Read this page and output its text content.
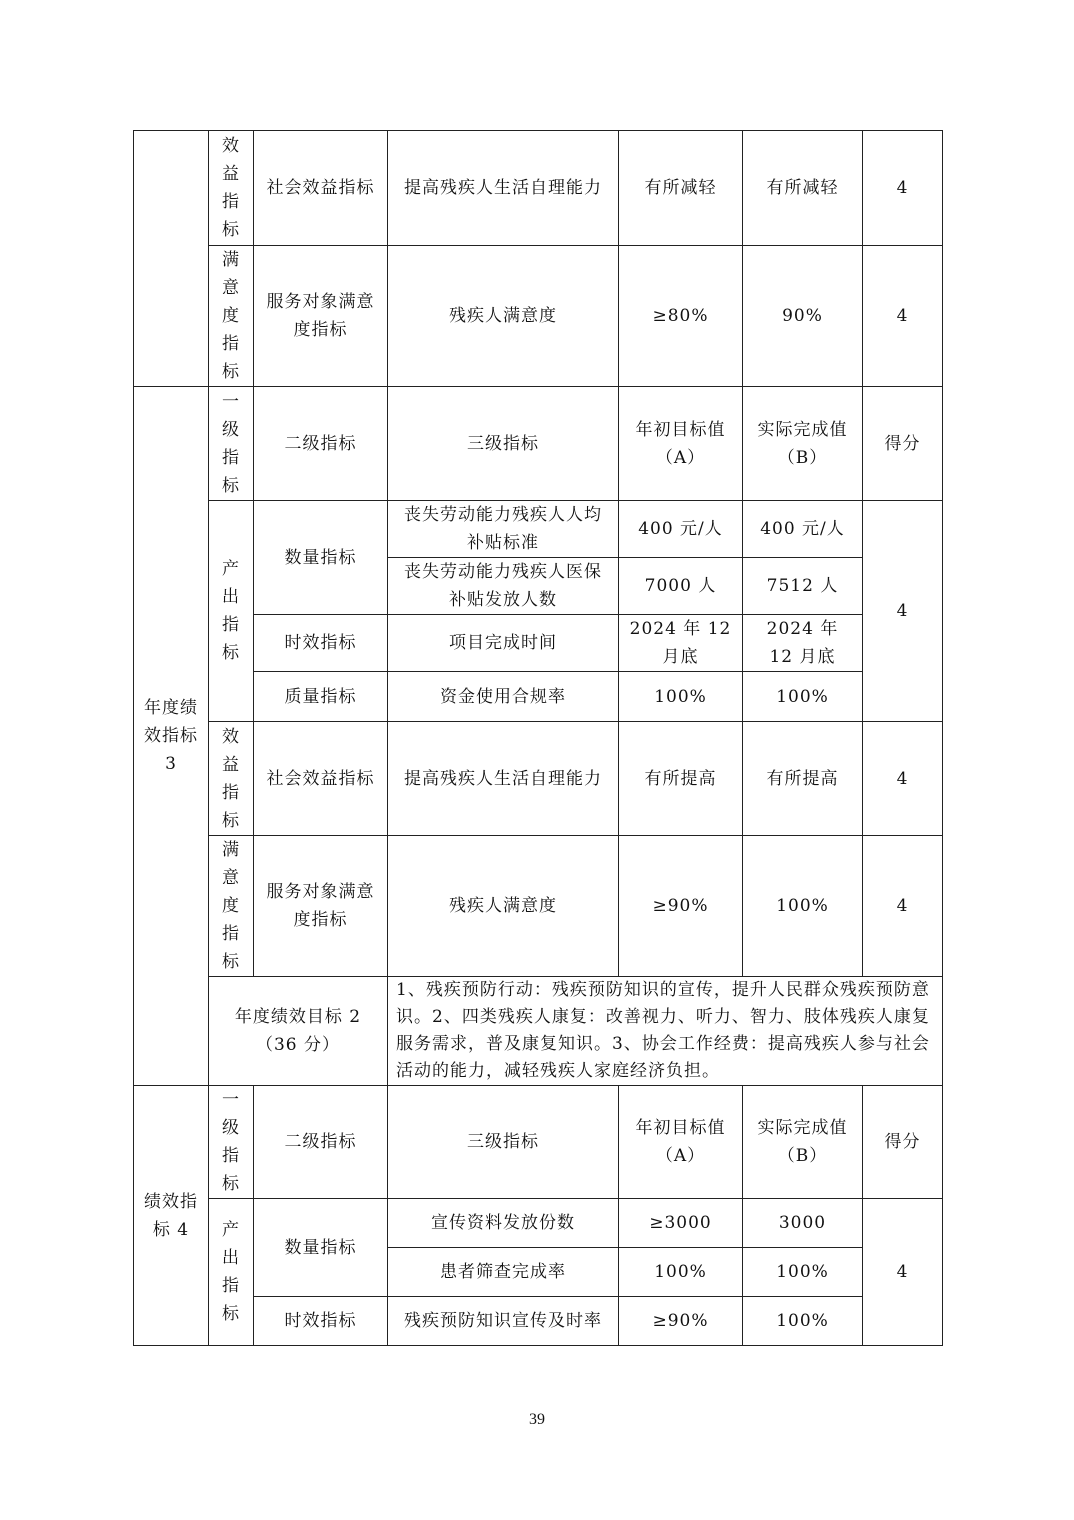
	效
益
指
标	社会效益指标	提高残疾人生活自理能力	有所减轻	有所减轻	4

	满
意
度
指
标	服务对象满意度指标	残疾人满意度	≥80%	90%	4
年度绩效指标 3	一
级
指
标	二级指标	三级指标	年初目标值（A）	实际完成值（B）	得分

	产
出
指
标	数量指标	丧失劳动能力残疾人人均补贴标准	400 元/人	400 元/人	4
			丧失劳动能力残疾人医保补贴发放人数	7000 人	7512 人	
		时效指标	项目完成时间	2024 年 12 月底	2024 年 12 月底	
		质量指标	资金使用合规率	100%	100%	

	效
益
指
标	社会效益指标	提高残疾人生活自理能力	有所提高	有所提高	4

	满
意
度
指
标	服务对象满意度指标	残疾人满意度	≥90%	100%	4
	年度绩效目标 2（36 分）		1、残疾预防行动：残疾预防知识的宣传，提升人民群众残疾预防意识。2、四类残疾人康复：改善视力、听力、智力、肢体残疾人康复服务需求，普及康复知识。3、协会工作经费：提高残疾人参与社会活动的能力，减轻残疾人家庭经济负担。			
绩效指标 4	一
级
指
标	二级指标	三级指标	年初目标值（A）	实际完成值（B）	得分

	产
出
指
标	数量指标	宣传资料发放份数	≥3000	3000	4
			患者筛查完成率	100%	100%	
		时效指标	残疾预防知识宣传及时率	≥90%	100%	
39
